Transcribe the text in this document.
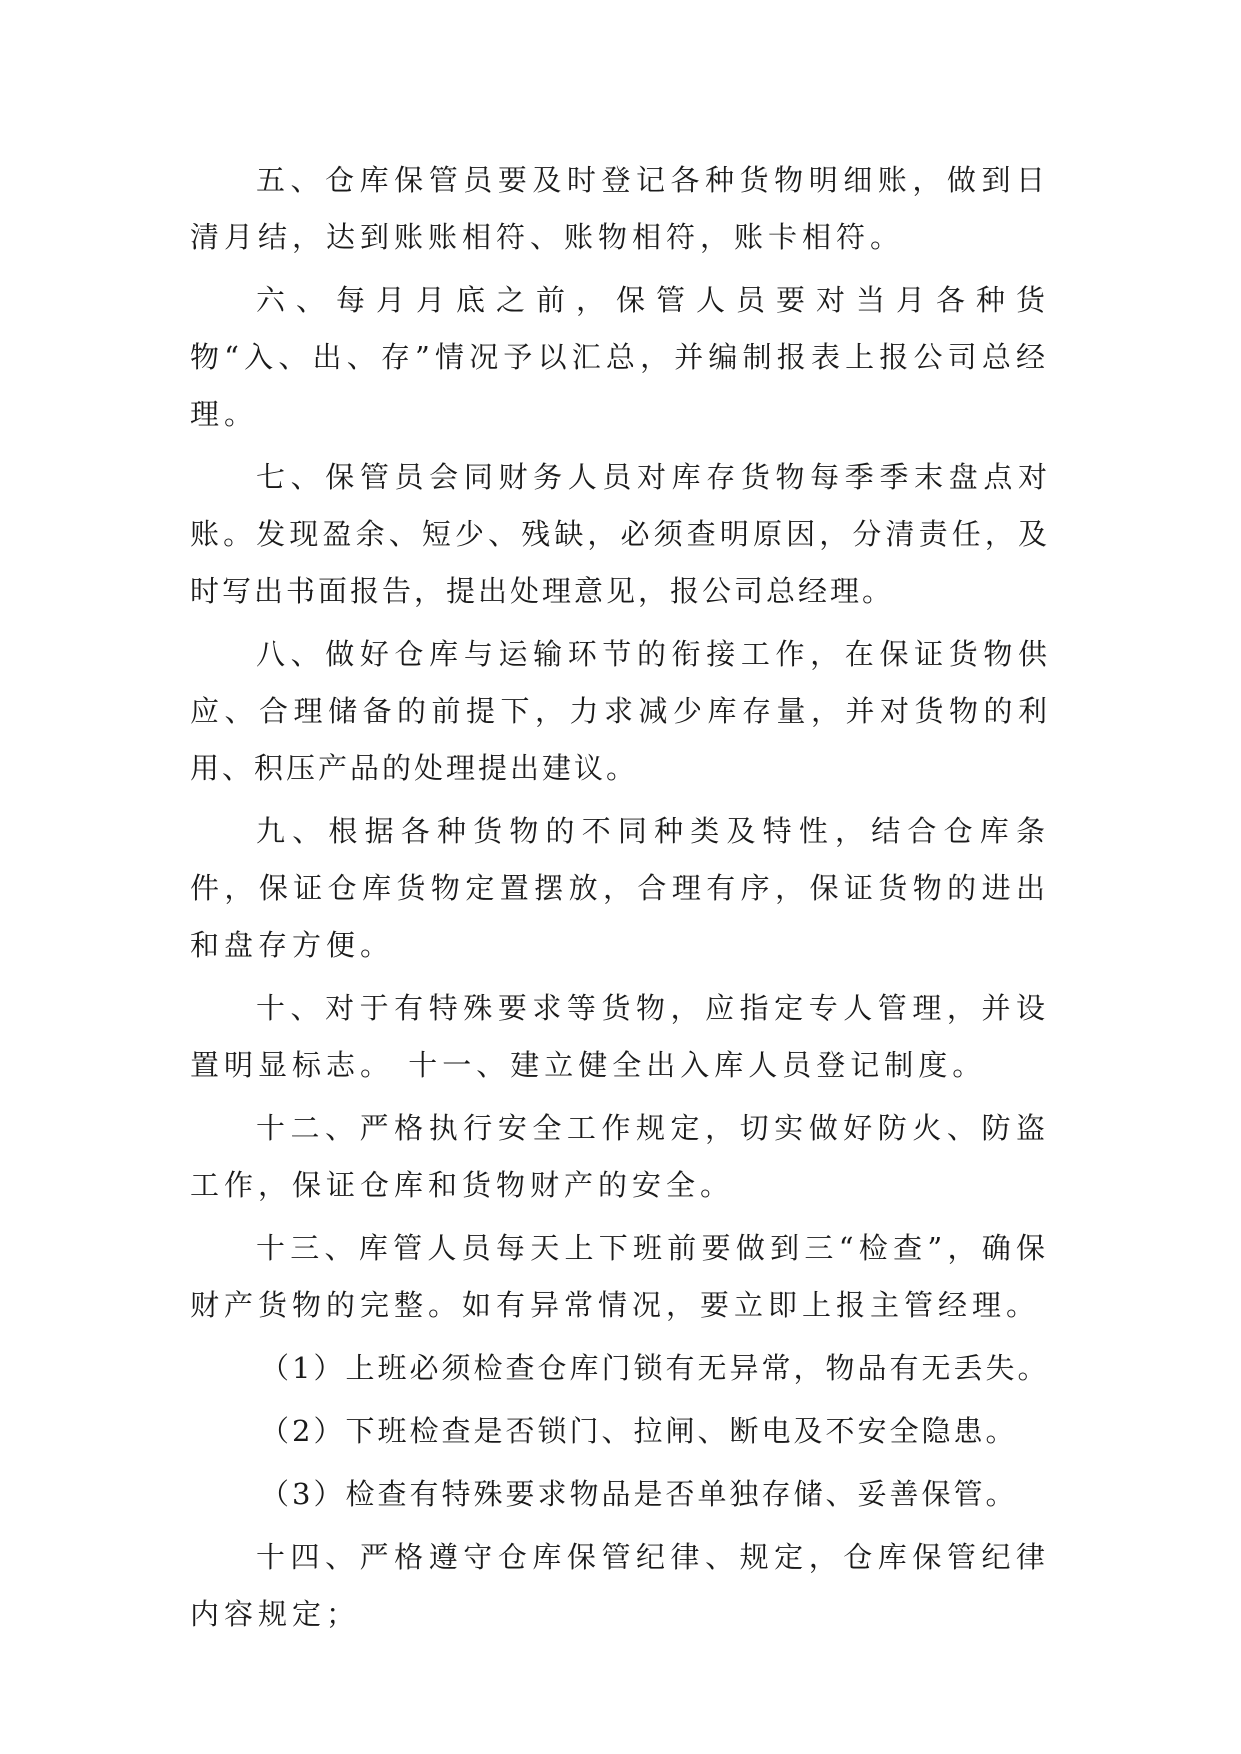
五、仓库保管员要及时登记各种货物明细账，做到日清月结，达到账账相符、账物相符，账卡相符。

六、每月月底之前，保管人员要对当月各种货物“入、出、存”情况予以汇总，并编制报表上报公司总经理。

七、保管员会同财务人员对库存货物每季季末盘点对账。发现盈余、短少、残缺，必须查明原因，分清责任，及时写出书面报告，提出处理意见，报公司总经理。

八、做好仓库与运输环节的衔接工作，在保证货物供应、合理储备的前提下，力求减少库存量，并对货物的利用、积压产品的处理提出建议。

九、根据各种货物的不同种类及特性，结合仓库条件，保证仓库货物定置摆放，合理有序，保证货物的进出和盘存方便。

十、对于有特殊要求等货物，应指定专人管理，并设置明显标志。 十一、建立健全出入库人员登记制度。

十二、严格执行安全工作规定，切实做好防火、防盗工作，保证仓库和货物财产的安全。

十三、库管人员每天上下班前要做到三“检查”，确保财产货物的完整。如有异常情况，要立即上报主管经理。

（1）上班必须检查仓库门锁有无异常，物品有无丢失。

（2）下班检查是否锁门、拉闸、断电及不安全隐患。

（3）检查有特殊要求物品是否单独存储、妥善保管。

十四、严格遵守仓库保管纪律、规定，仓库保管纪律内容规定；
